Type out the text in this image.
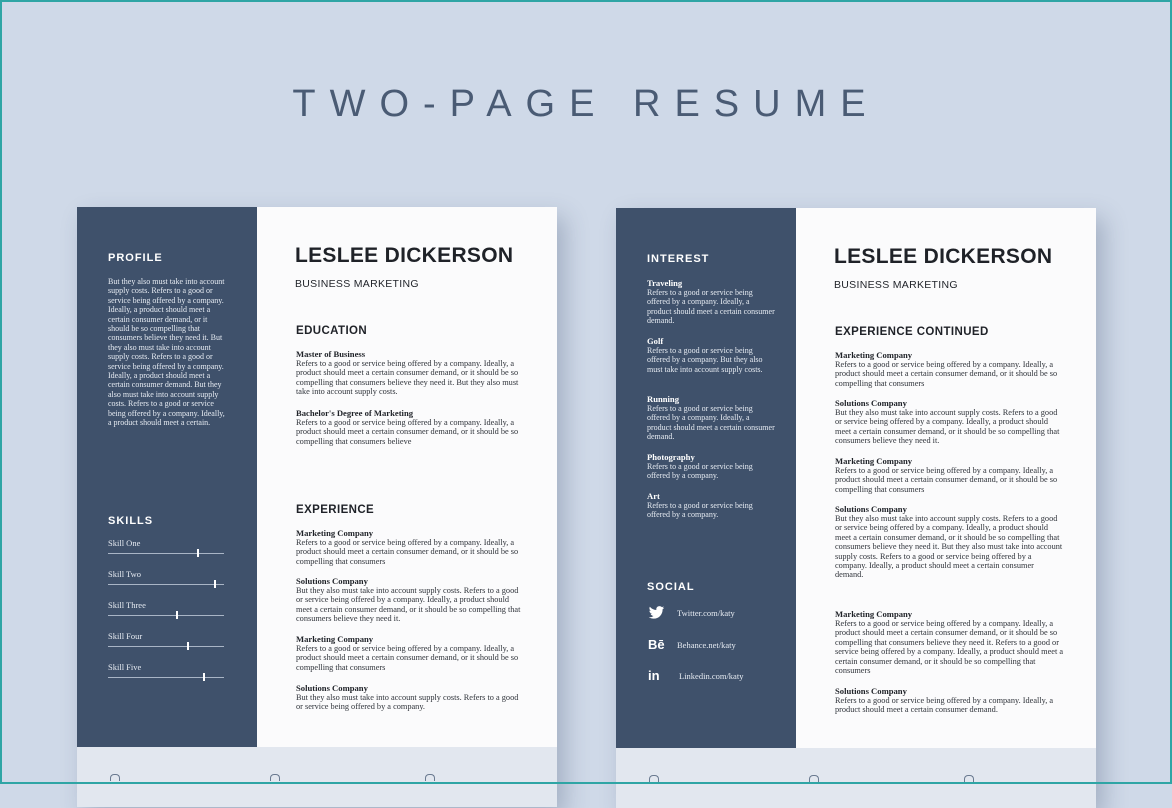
TWO-PAGE RESUME
PROFILE
But they also must take into account supply costs. Refers to a good or service being offered by a company. Ideally, a product should meet a certain consumer demand, or it should be so compelling that consumers believe they need it. But they also must take into account supply costs. Refers to a good or service being offered by a company. Ideally, a product should meet a certain consumer demand. But they also must take into account supply costs. Refers to a good or service being offered by a company. Ideally, a product should meet a certain.
SKILLS
Skill One
Skill Two
Skill Three
Skill Four
Skill Five
LESLEE DICKERSON
BUSINESS MARKETING
EDUCATION
Master of Business
Refers to a good or service being offered by a company. Ideally, a product should meet a certain consumer demand, or it should be so compelling that consumers believe they need it. But they also must take into account supply costs.
Bachelor's Degree of Marketing
Refers to a good or service being offered by a company. Ideally, a product should meet a certain consumer demand, or it should be so compelling that consumers believe
EXPERIENCE
Marketing Company
Refers to a good or service being offered by a company. Ideally, a product should meet a certain consumer demand, or it should be so compelling that consumers
Solutions Company
But they also must take into account supply costs. Refers to a good or service being offered by a company. Ideally, a product should meet a certain consumer demand, or it should be so compelling that consumers believe they need it.
Marketing Company
Refers to a good or service being offered by a company. Ideally, a product should meet a certain consumer demand, or it should be so compelling that consumers
Solutions Company
But they also must take into account supply costs. Refers to a good or service being offered by a company.
INTEREST
Traveling
Refers to a good or service being offered by a company. Ideally, a product should meet a certain consumer demand.
Golf
Refers to a good or service being offered by a company. But they also must take into account supply costs.
Running
Refers to a good or service being offered by a company. Ideally, a product should meet a certain consumer demand.
Photography
Refers to a good or service being offered by a company.
Art
Refers to a good or service being offered by a company.
SOCIAL
Twitter.com/katy
Bē Behance.net/katy
in	Linkedin.com/katy
LESLEE DICKERSON
BUSINESS MARKETING
EXPERIENCE CONTINUED
Marketing Company
Refers to a good or service being offered by a company. Ideally, a product should meet a certain consumer demand, or it should be so compelling that consumers
Solutions Company
But they also must take into account supply costs. Refers to a good or service being offered by a company. Ideally, a product should meet a certain consumer demand, or it should be so compelling that consumers believe they need it.
Marketing Company
Refers to a good or service being offered by a company. Ideally, a product should meet a certain consumer demand, or it should be so compelling that consumers
Solutions Company
But they also must take into account supply costs. Refers to a good or service being offered by a company. Ideally, a product should meet a certain consumer demand, or it should be so compelling that consumers believe they need it. But they also must take into account supply costs. Refers to a good or service being offered by a company. Ideally, a product should meet a certain consumer demand.
Marketing Company
Refers to a good or service being offered by a company. Ideally, a product should meet a certain consumer demand, or it should be so compelling that consumers believe they need it. Refers to a good or service being offered by a company. Ideally, a product should meet a certain consumer demand, or it should be so compelling that consumers
Solutions Company
Refers to a good or service being offered by a company. Ideally, a product should meet a certain consumer demand.
